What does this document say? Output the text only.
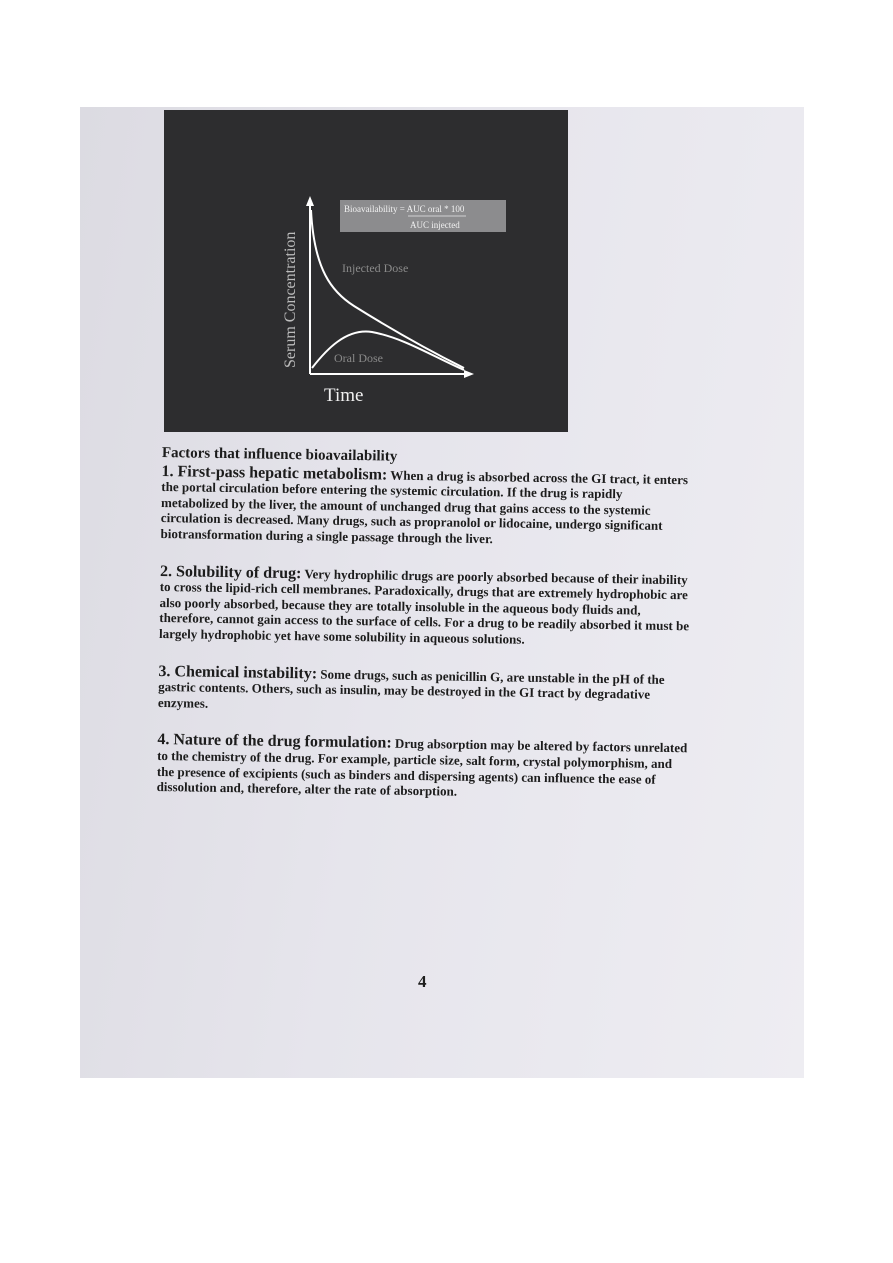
Bioavailability = AUC oral * 100
AUC injected
Injected Dose
Oral Dose
Time
Serum Concentration
Factors that influence bioavailability
1. First-pass hepatic metabolism: When a drug is absorbed across the GI tract, it enters the portal circulation before entering the systemic circulation. If the drug is rapidly metabolized by the liver, the amount of unchanged drug that gains access to the systemic circulation is decreased. Many drugs, such as propranolol or lidocaine, undergo significant biotransformation during a single passage through the liver.
2. Solubility of drug: Very hydrophilic drugs are poorly absorbed because of their inability to cross the lipid-rich cell membranes. Paradoxically, drugs that are extremely hydrophobic are also poorly absorbed, because they are totally insoluble in the aqueous body fluids and, therefore, cannot gain access to the surface of cells. For a drug to be readily absorbed it must be largely hydrophobic yet have some solubility in aqueous solutions.
3. Chemical instability: Some drugs, such as penicillin G, are unstable in the pH of the gastric contents. Others, such as insulin, may be destroyed in the GI tract by degradative enzymes.
4. Nature of the drug formulation: Drug absorption may be altered by factors unrelated to the chemistry of the drug. For example, particle size, salt form, crystal polymorphism, and the presence of excipients (such as binders and dispersing agents) can influence the ease of dissolution and, therefore, alter the rate of absorption.
4
